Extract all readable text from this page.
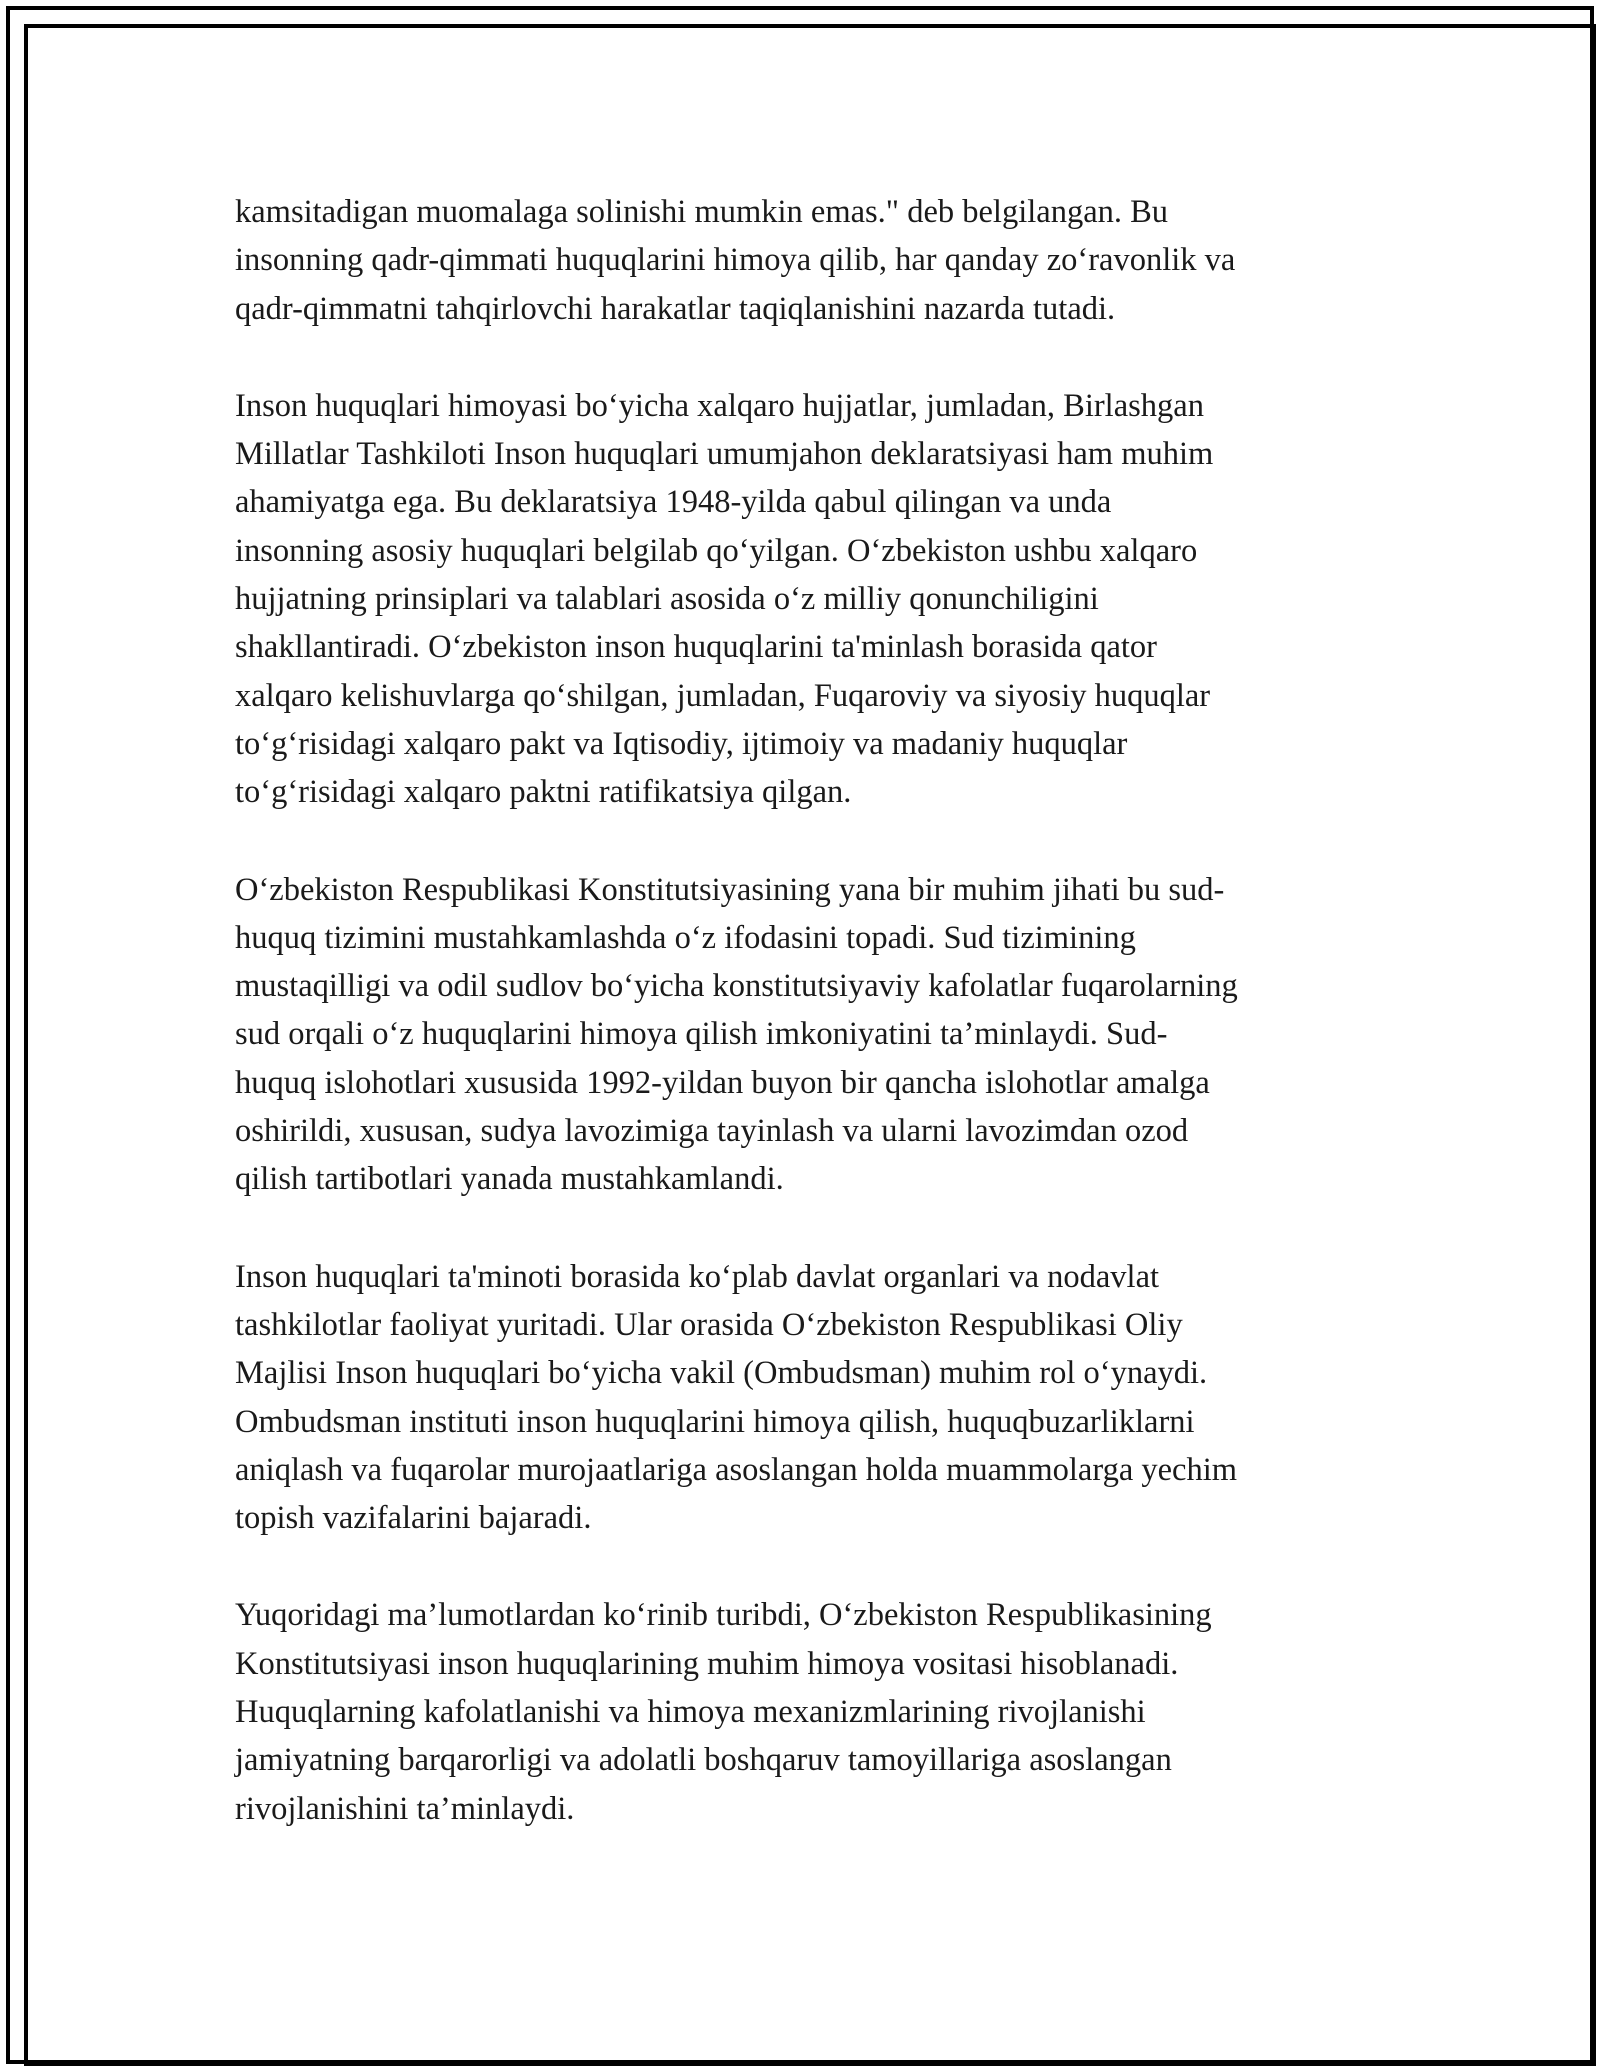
kamsitadigan muomalaga solinishi mumkin emas." deb belgilangan. Bu
insonning qadr-qimmati huquqlarini himoya qilib, har qanday zoʻravonlik va
qadr-qimmatni tahqirlovchi harakatlar taqiqlanishini nazarda tutadi.

Inson huquqlari himoyasi boʻyicha xalqaro hujjatlar, jumladan, Birlashgan
Millatlar Tashkiloti Inson huquqlari umumjahon deklaratsiyasi ham muhim
ahamiyatga ega. Bu deklaratsiya 1948-yilda qabul qilingan va unda
insonning asosiy huquqlari belgilab qoʻyilgan. Oʻzbekiston ushbu xalqaro
hujjatning prinsiplari va talablari asosida oʻz milliy qonunchiligini
shakllantiradi. Oʻzbekiston inson huquqlarini ta'minlash borasida qator
xalqaro kelishuvlarga qoʻshilgan, jumladan, Fuqaroviy va siyosiy huquqlar
toʻgʻrisidagi xalqaro pakt va Iqtisodiy, ijtimoiy va madaniy huquqlar
toʻgʻrisidagi xalqaro paktni ratifikatsiya qilgan.

Oʻzbekiston Respublikasi Konstitutsiyasining yana bir muhim jihati bu sud-
huquq tizimini mustahkamlashda oʻz ifodasini topadi. Sud tizimining
mustaqilligi va odil sudlov boʻyicha konstitutsiyaviy kafolatlar fuqarolarning
sud orqali oʻz huquqlarini himoya qilish imkoniyatini ta’minlaydi. Sud-
huquq islohotlari xususida 1992-yildan buyon bir qancha islohotlar amalga
oshirildi, xususan, sudya lavozimiga tayinlash va ularni lavozimdan ozod
qilish tartibotlari yanada mustahkamlandi.

Inson huquqlari ta'minoti borasida koʻplab davlat organlari va nodavlat
tashkilotlar faoliyat yuritadi. Ular orasida Oʻzbekiston Respublikasi Oliy
Majlisi Inson huquqlari boʻyicha vakil (Ombudsman) muhim rol oʻynaydi.
Ombudsman instituti inson huquqlarini himoya qilish, huquqbuzarliklarni
aniqlash va fuqarolar murojaatlariga asoslangan holda muammolarga yechim
topish vazifalarini bajaradi.

Yuqoridagi ma’lumotlardan koʻrinib turibdi, Oʻzbekiston Respublikasining
Konstitutsiyasi inson huquqlarining muhim himoya vositasi hisoblanadi.
Huquqlarning kafolatlanishi va himoya mexanizmlarining rivojlanishi
jamiyatning barqarorligi va adolatli boshqaruv tamoyillariga asoslangan
rivojlanishini ta’minlaydi.
